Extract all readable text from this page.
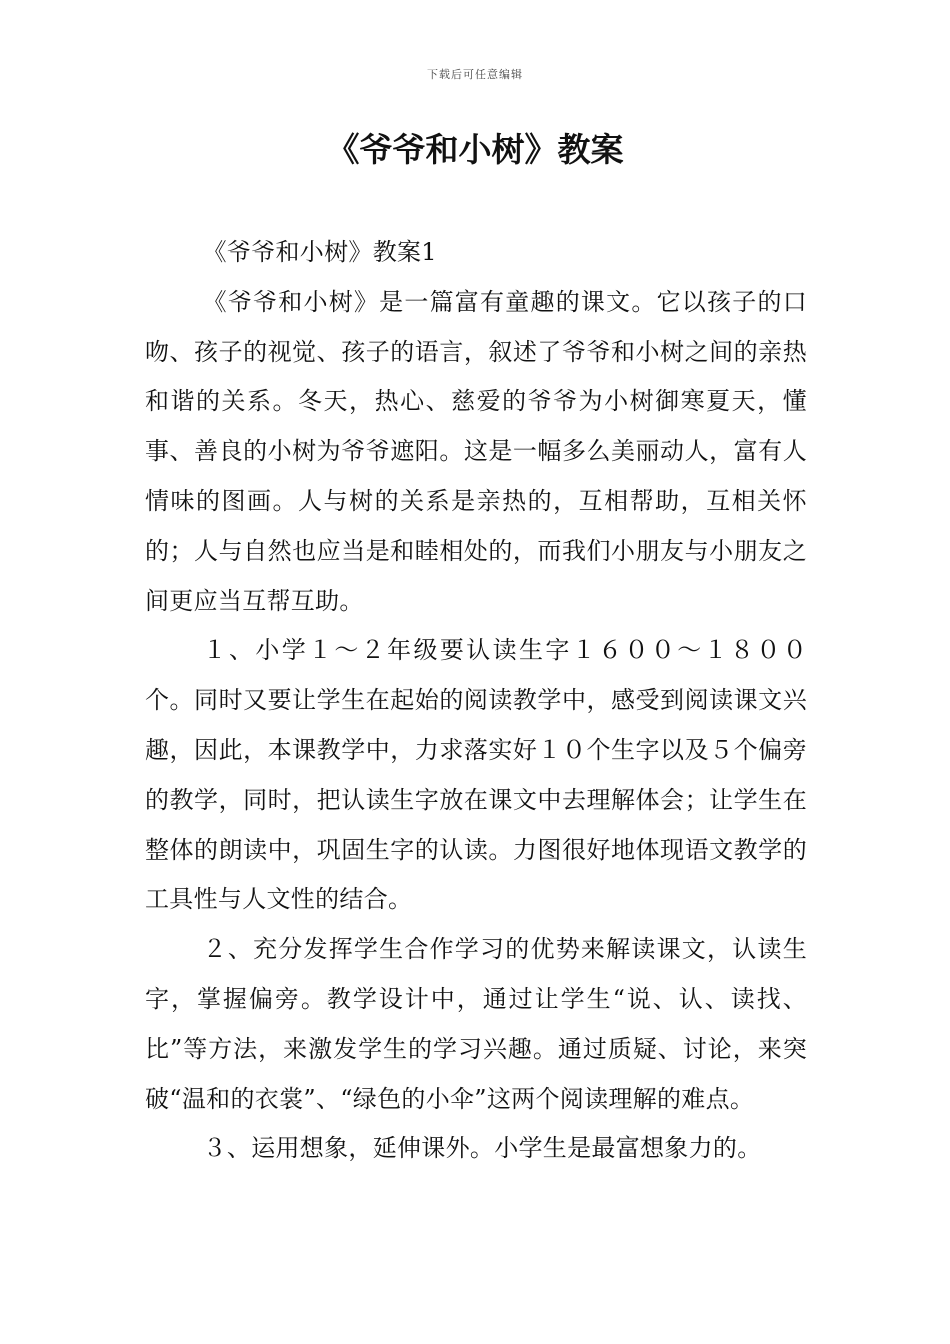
下载后可任意编辑
《爷爷和小树》教案

《爷爷和小树》教案1

《爷爷和小树》是一篇富有童趣的课文。它以孩子的口吻、孩子的视觉、孩子的语言，叙述了爷爷和小树之间的亲热和谐的关系。冬天，热心、慈爱的爷爷为小树御寒夏天，懂事、善良的小树为爷爷遮阳。这是一幅多么美丽动人，富有人情味的图画。人与树的关系是亲热的，互相帮助，互相关怀的；人与自然也应当是和睦相处的，而我们小朋友与小朋友之间更应当互帮互助。

１、小学１～２年级要认读生字１６００～１８００个。同时又要让学生在起始的阅读教学中，感受到阅读课文兴趣，因此，本课教学中，力求落实好１０个生字以及５个偏旁的教学，同时，把认读生字放在课文中去理解体会；让学生在整体的朗读中，巩固生字的认读。力图很好地体现语文教学的工具性与人文性的结合。

２、充分发挥学生合作学习的优势来解读课文，认读生字，掌握偏旁。教学设计中，通过让学生“说、认、读找、比”等方法，来激发学生的学习兴趣。通过质疑、讨论，来突破“温和的衣裳”、“绿色的小伞”这两个阅读理解的难点。

３、运用想象，延伸课外。小学生是最富想象力的。
